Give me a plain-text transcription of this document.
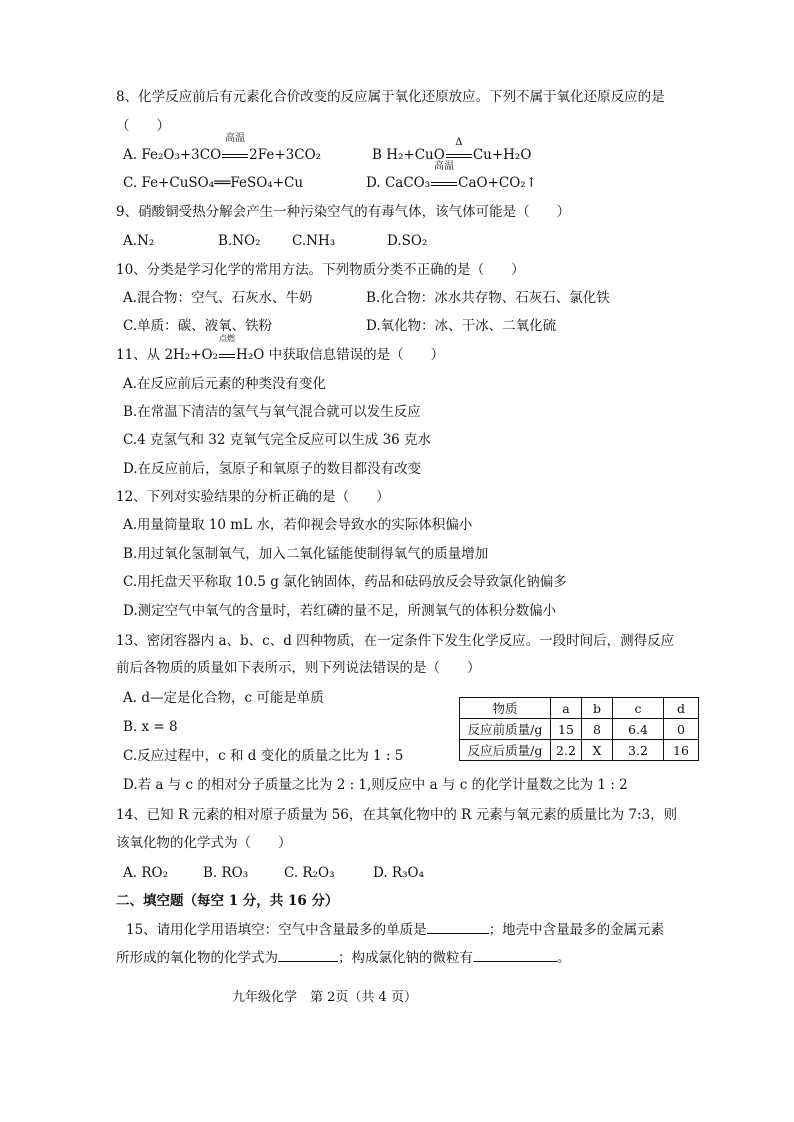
8、化学反应前后有元素化合价改变的反应属于氧化还原放应。下列不属于氧化还原反应的是
（　　）
A. Fe₂O₃+3CO
高温
2Fe+3CO₂	B H₂+CuO
Δ
Cu+H₂O
C. Fe+CuSO₄══FeSO₄+Cu	D. CaCO₃
高温
CaO+CO₂↑
9、硝酸铜受热分解会产生一种污染空气的有毒气体，该气体可能是（　　）
A.N₂	B.NO₂ C.NH₃	D.SO₂
10、分类是学习化学的常用方法。下列物质分类不正确的是（　　）
A.混合物：空气、石灰水、牛奶	B.化合物：冰水共存物、石灰石、氯化铁
C.单质：碳、液氧、铁粉	D.氧化物：冰、干冰、二氧化硫
11、从 2H₂+O₂
点燃
H₂O 中获取信息错误的是（　　）
A.在反应前后元素的种类没有变化
B.在常温下清洁的氢气与氧气混合就可以发生反应
C.4 克氢气和 32 克氧气完全反应可以生成 36 克水
D.在反应前后，氢原子和氧原子的数目都没有改变
12、下列对实验结果的分析正确的是（　　）
A.用量筒量取 10 mL 水，若仰视会导致水的实际体积偏小
B.用过氧化氢制氧气，加入二氧化锰能使制得氧气的质量增加
C.用托盘天平称取 10.5 g 氯化钠固体，药品和砝码放反会导致氯化钠偏多
D.测定空气中氧气的含量时，若红磷的量不足，所测氧气的体积分数偏小
13、密闭容器内 a、b、c、d 四种物质，在一定条件下发生化学反应。一段时间后，测得反应
前后各物质的质量如下表所示，则下列说法错误的是（　　）
A. d—定是化合物，c 可能是单质
B. x = 8
C.反应过程中，c 和 d 变化的质量之比为 1 : 5
D.若 a 与 c 的相对分子质量之比为 2 : 1,则反应中 a 与 c 的化学计量数之比为 1 : 2
物质	a	b	c	d
反应前质量/g	15	8	6.4	0
反应后质量/g	2.2	X	3.2	16
14、已知 R 元素的相对原子质量为 56，在其氧化物中的 R 元素与氧元素的质量比为 7:3，则
该氧化物的化学式为（　　）
A. RO₂	B. RO₃	C. R₂O₃	D. R₃O₄
二、填空题（每空 1 分，共 16 分）
15、请用化学用语填空：空气中含量最多的单质是	；地壳中含量最多的金属元素
所形成的氧化物的化学式为	；构成氯化钠的微粒有	。
九年级化学　第 2页（共 4 页）
